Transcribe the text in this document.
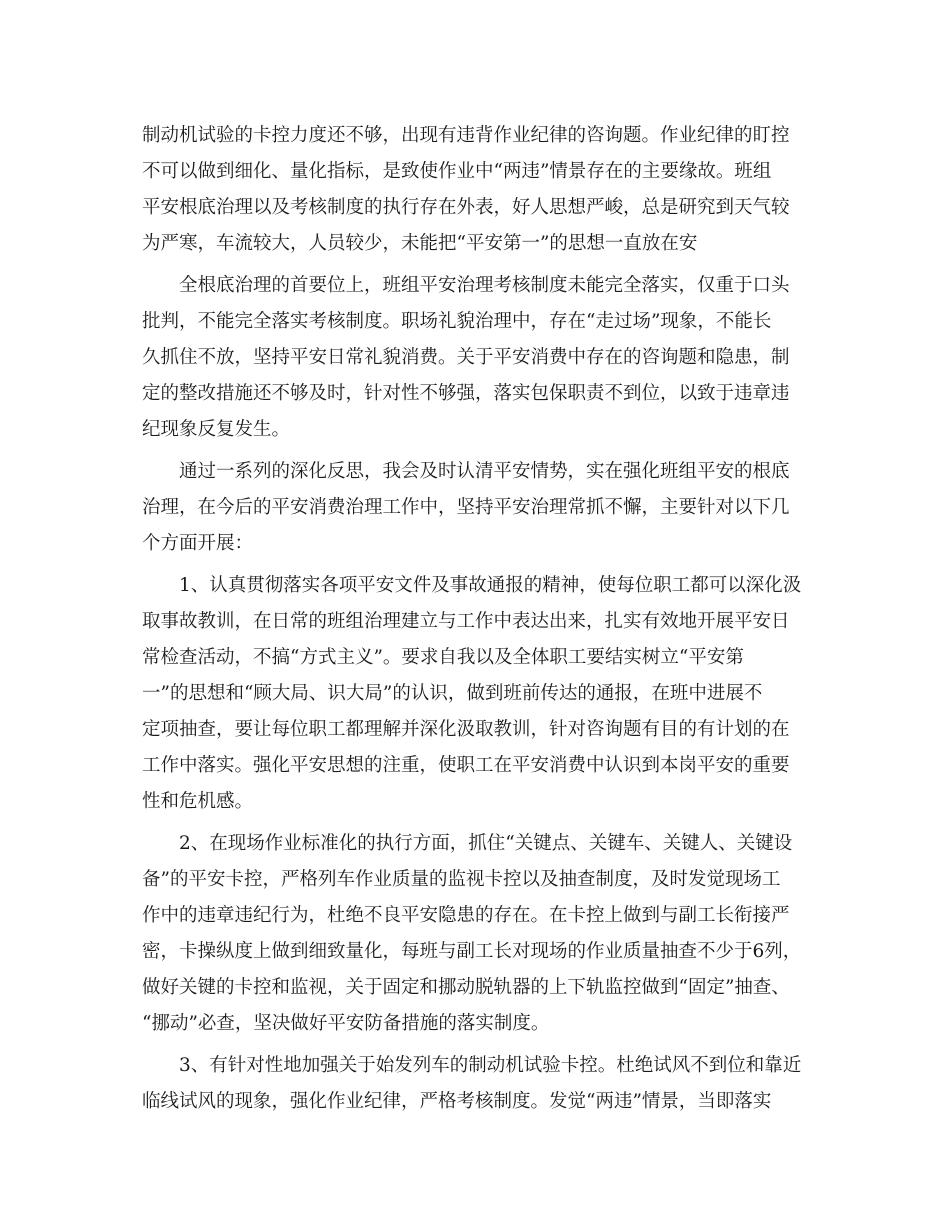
制动机试验的卡控力度还不够，出现有违背作业纪律的咨询题。作业纪律的盯控
不可以做到细化、量化指标，是致使作业中“两违”情景存在的主要缘故。班组
平安根底治理以及考核制度的执行存在外表，好人思想严峻，总是研究到天气较
为严寒，车流较大，人员较少，未能把“平安第一”的思想一直放在安
全根底治理的首要位上，班组平安治理考核制度未能完全落实，仅重于口头
批判，不能完全落实考核制度。职场礼貌治理中，存在“走过场”现象，不能长
久抓住不放，坚持平安日常礼貌消费。关于平安消费中存在的咨询题和隐患，制
定的整改措施还不够及时，针对性不够强，落实包保职责不到位，以致于违章违
纪现象反复发生。
通过一系列的深化反思，我会及时认清平安情势，实在强化班组平安的根底
治理，在今后的平安消费治理工作中，坚持平安治理常抓不懈，主要针对以下几
个方面开展：
1、认真贯彻落实各项平安文件及事故通报的精神，使每位职工都可以深化汲
取事故教训，在日常的班组治理建立与工作中表达出来，扎实有效地开展平安日
常检查活动，不搞“方式主义”。要求自我以及全体职工要结实树立“平安第
一”的思想和“顾大局、识大局”的认识，做到班前传达的通报，在班中进展不
定项抽查，要让每位职工都理解并深化汲取教训，针对咨询题有目的有计划的在
工作中落实。强化平安思想的注重，使职工在平安消费中认识到本岗平安的重要
性和危机感。
2、在现场作业标准化的执行方面，抓住“关键点、关键车、关键人、关键设
备”的平安卡控，严格列车作业质量的监视卡控以及抽查制度，及时发觉现场工
作中的违章违纪行为，杜绝不良平安隐患的存在。在卡控上做到与副工长衔接严
密，卡操纵度上做到细致量化，每班与副工长对现场的作业质量抽查不少于6列，
做好关键的卡控和监视，关于固定和挪动脱轨器的上下轨监控做到“固定”抽查、
“挪动”必查，坚决做好平安防备措施的落实制度。
3、有针对性地加强关于始发列车的制动机试验卡控。杜绝试风不到位和靠近
临线试风的现象，强化作业纪律，严格考核制度。发觉“两违”情景，当即落实
